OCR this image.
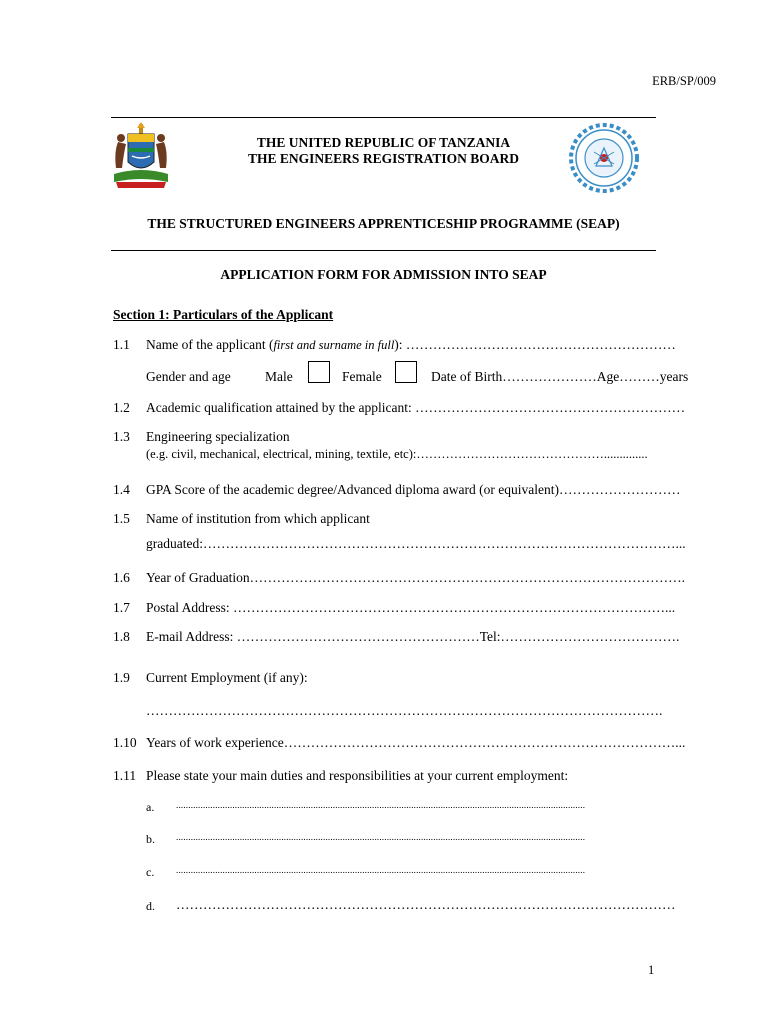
ERB/SP/009
THE UNITED REPUBLIC OF TANZANIA
THE ENGINEERS REGISTRATION BOARD
THE STRUCTURED ENGINEERS APPRENTICESHIP PROGRAMME (SEAP)
APPLICATION FORM FOR ADMISSION INTO SEAP
Section 1: Particulars of the Applicant
1.1 Name of the applicant (first and surname in full): ……………………………………………………
Gender and age	Male	Female	Date of Birth…………………Age………years
1.2 Academic qualification attained by the applicant: ……………………………………………………
1.3 Engineering specialization
(e.g. civil, mechanical, electrical, mining, textile, etc):………………………………………..............
1.4 GPA Score of the academic degree/Advanced diploma award (or equivalent)………………………
1.5 Name of institution from which applicant
graduated:……………………………………………………………………………………………...
1.6 Year of Graduation…………………………………………………………………………………….
1.7 Postal Address: ……………………………………………………………………………………...
1.8 E-mail Address: ………………………………………………Tel:………………………………….
1.9 Current Employment (if any):
…………………………………………………………………………………………………….
1.10 Years of work experience……………………………………………………………………………...
1.11 Please state your main duties and responsibilities at your current employment:
a. .......................................................................................................................................................................
b. .......................................................................................................................................................................
c. .......................................................................................................................................................................
d. …………………………………………………………………………………………………
1
